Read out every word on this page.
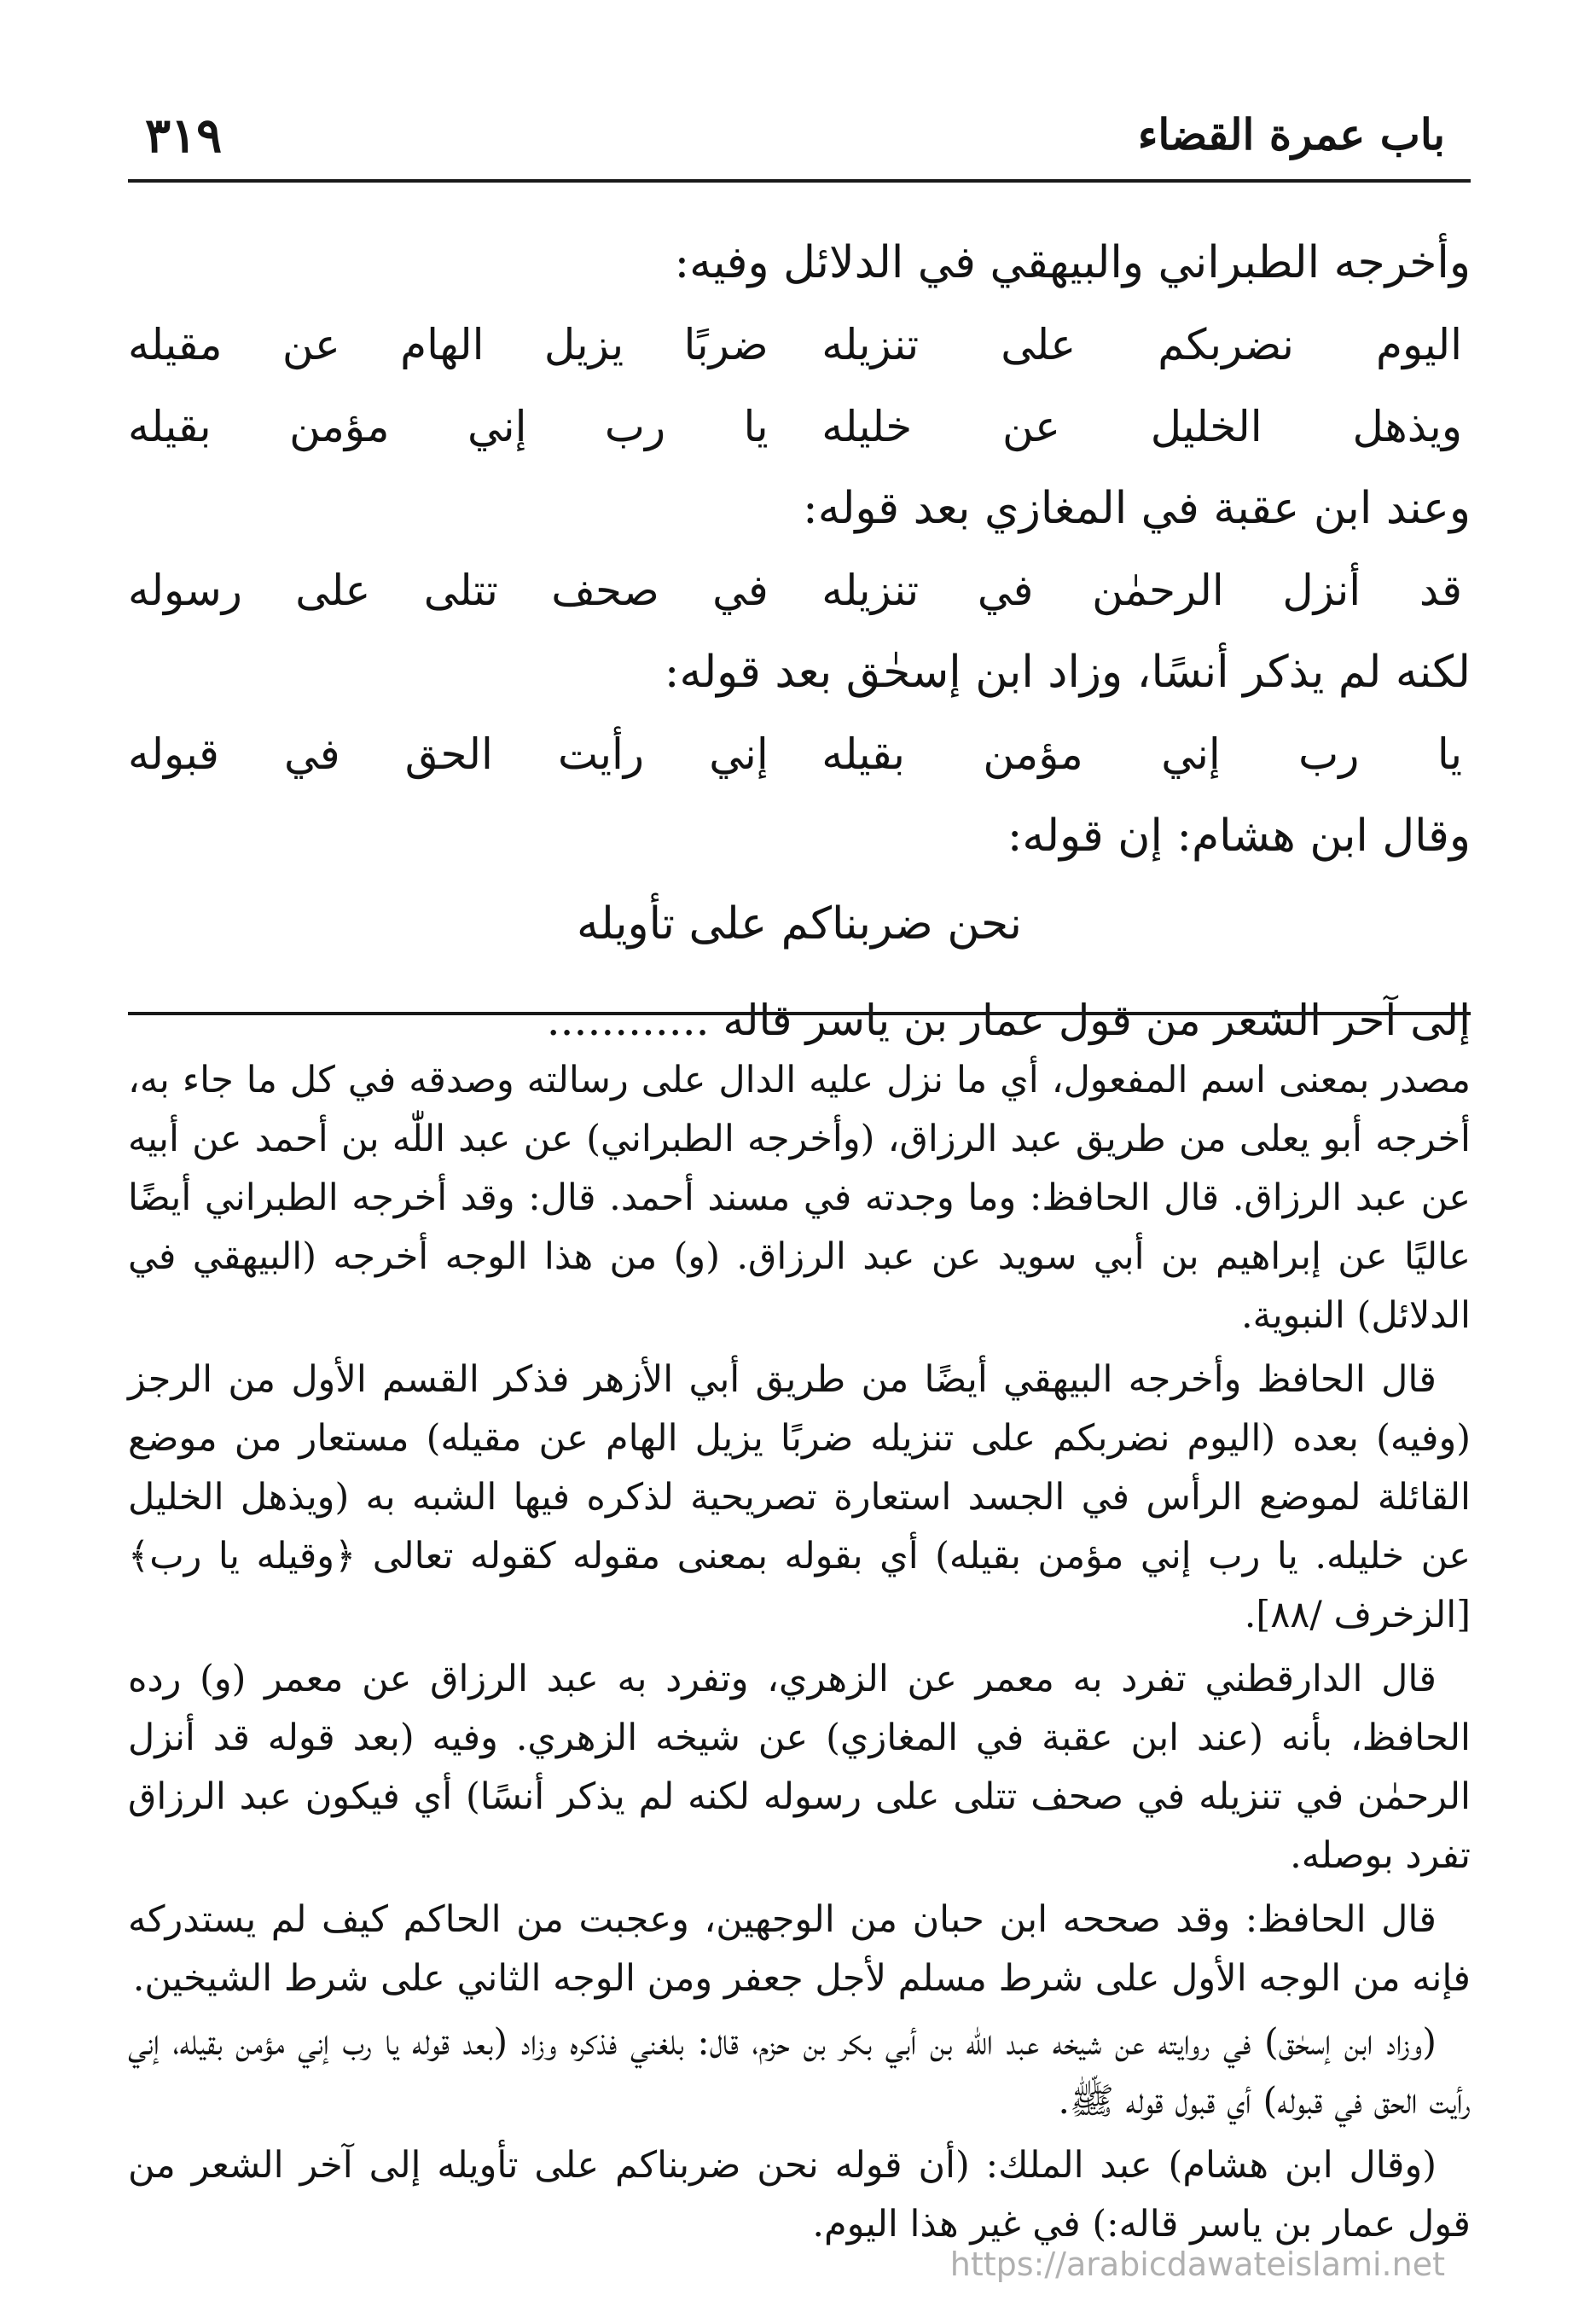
باب عمرة القضاء
٣١٩
وأخرجه الطبراني والبيهقي في الدلائل وفيه:
اليوم نضربكم على تنزيله
ضربًا يزيل الهام عن مقيله
ويذهل الخليل عن خليله
يا رب إني مؤمن بقيله
وعند ابن عقبة في المغازي بعد قوله:
قد أنزل الرحمٰن في تنزيله
في صحف تتلى على رسوله
لكنه لم يذكر أنسًا، وزاد ابن إسحٰق بعد قوله:
يا رب إني مؤمن بقيله
إني رأيت الحق في قبوله
وقال ابن هشام: إن قوله:
نحن ضربناكم على تأويله
إلى آخر الشعر من قول عمار بن ياسر قاله ............

مصدر بمعنى اسم المفعول، أي ما نزل عليه الدال على رسالته وصدقه في كل ما جاء به، أخرجه أبو يعلى من طريق عبد الرزاق، (وأخرجه الطبراني) عن عبد اللّٰه بن أحمد عن أبيه عن عبد الرزاق. قال الحافظ: وما وجدته في مسند أحمد. قال: وقد أخرجه الطبراني أيضًا عاليًا عن إبراهيم بن أبي سويد عن عبد الرزاق. (و) من هذا الوجه أخرجه (البيهقي في الدلائل) النبوية.

قال الحافظ وأخرجه البيهقي أيضًا من طريق أبي الأزهر فذكر القسم الأول من الرجز (وفيه) بعده (اليوم نضربكم على تنزيله ضربًا يزيل الهام عن مقيله) مستعار من موضع القائلة لموضع الرأس في الجسد استعارة تصريحية لذكره فيها الشبه به (ويذهل الخليل عن خليله. يا رب إني مؤمن بقيله) أي بقوله بمعنى مقوله كقوله تعالى ﴿وقيله يا رب﴾ [الزخرف /٨٨].

قال الدارقطني تفرد به معمر عن الزهري، وتفرد به عبد الرزاق عن معمر (و) رده الحافظ، بأنه (عند ابن عقبة في المغازي) عن شيخه الزهري. وفيه (بعد قوله قد أنزل الرحمٰن في تنزيله في صحف تتلى على رسوله لكنه لم يذكر أنسًا) أي فيكون عبد الرزاق تفرد بوصله.

قال الحافظ: وقد صححه ابن حبان من الوجهين، وعجبت من الحاكم كيف لم يستدركه فإنه من الوجه الأول على شرط مسلم لأجل جعفر ومن الوجه الثاني على شرط الشيخين.

(وزاد ابن إسحٰق) في روايته عن شيخه عبد اللّٰه بن أبي بكر بن حزم، قال: بلغني فذكره وزاد (بعد قوله يا رب إني مؤمن بقيله، إني رأيت الحق في قبوله) أي قبول قوله ﷺ.

(وقال ابن هشام) عبد الملك: (أن قوله نحن ضربناكم على تأويله إلى آخر الشعر من قول عمار بن ياسر قاله:) في غير هذا اليوم.

https://arabicdawateislami.net
